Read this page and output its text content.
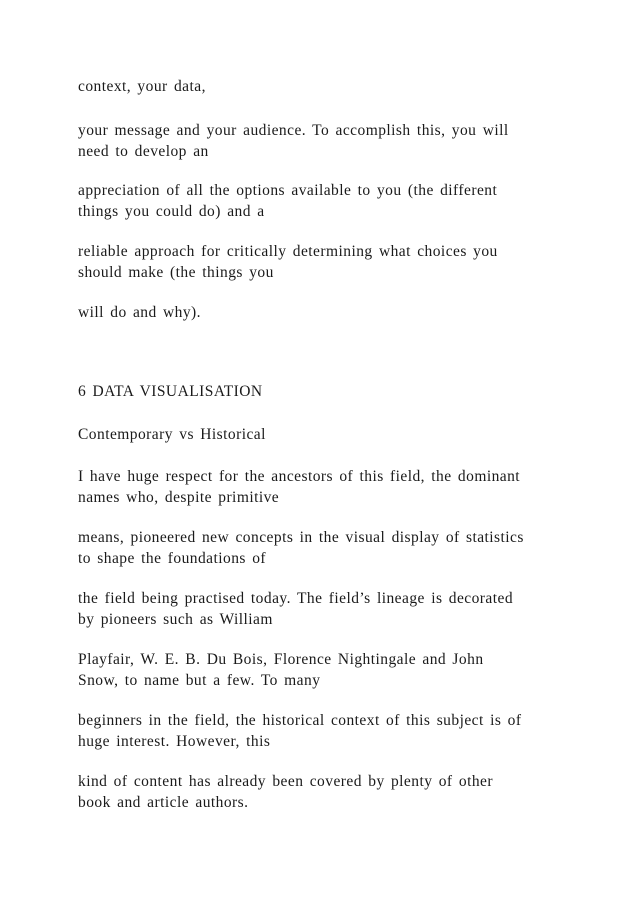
context, your data,

your message and your audience. To accomplish this, you will
need to develop an

appreciation of all the options available to you (the different
things you could do) and a

reliable approach for critically determining what choices you
should make (the things you

will do and why).

6 DATA VISUALISATION

Contemporary vs Historical

I have huge respect for the ancestors of this field, the dominant
names who, despite primitive

means, pioneered new concepts in the visual display of statistics
to shape the foundations of

the field being practised today. The field’s lineage is decorated
by pioneers such as William

Playfair, W. E. B. Du Bois, Florence Nightingale and John
Snow, to name but a few. To many

beginners in the field, the historical context of this subject is of
huge interest. However, this

kind of content has already been covered by plenty of other
book and article authors.
